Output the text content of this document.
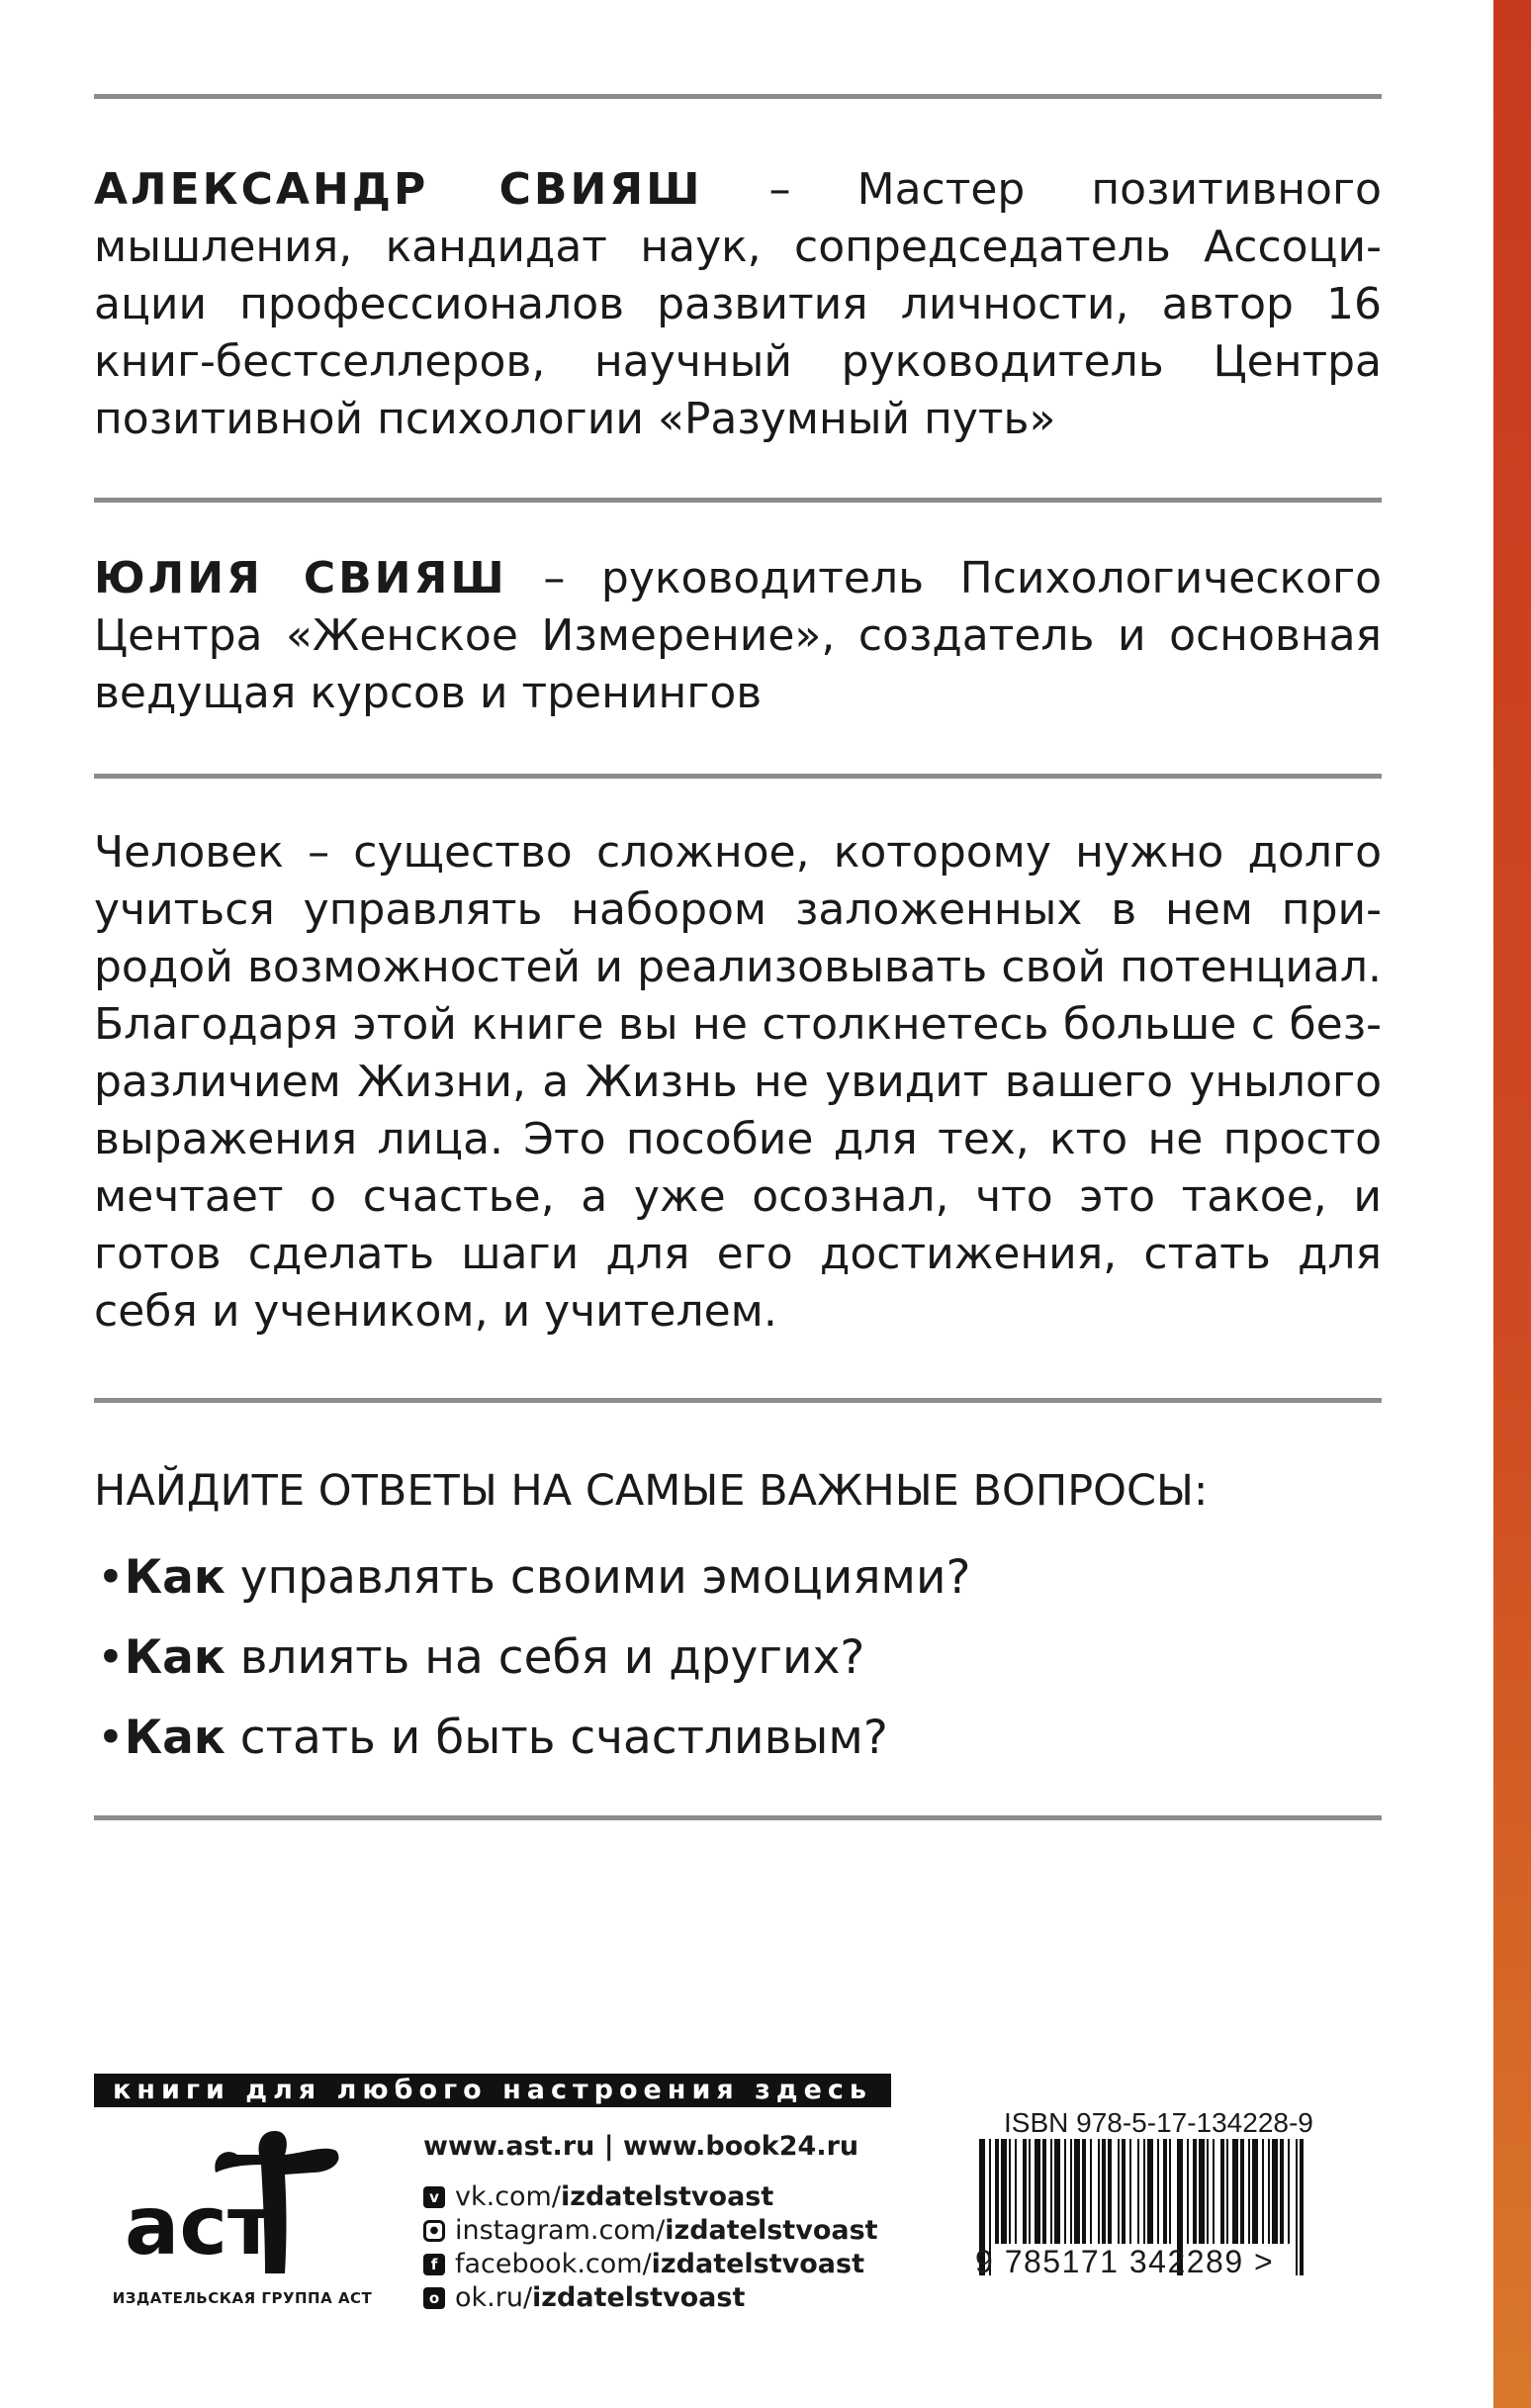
АЛЕКСАНДР СВИЯШ – Мастер позитивного мышления, кандидат наук, сопредседатель Ассоциации профессионалов развития личности, автор 16 книг-бестселлеров, научный руководитель Центра позитивной психологии «Разумный путь»
ЮЛИЯ СВИЯШ – руководитель Психологического Центра «Женское Измерение», создатель и основная ведущая курсов и тренингов
Человек – существо сложное, которому нужно долго учиться управлять набором заложенных в нем природой возможностей и реализовывать свой потенциал. Благодаря этой книге вы не столкнетесь больше с безразличием Жизни, а Жизнь не увидит вашего унылого выражения лица. Это пособие для тех, кто не просто мечтает о счастье, а уже осознал, что это такое, и готов сделать шаги для его достижения, стать для себя и учеником, и учителем.
НАЙДИТЕ ОТВЕТЫ НА САМЫЕ ВАЖНЫЕ ВОПРОСЫ:
•Как управлять своими эмоциями?
•Как влиять на себя и других?
•Как стать и быть счастливым?
книги для любого настроения здесь
аст
ИЗДАТЕЛЬСКАЯ ГРУППА АСТ
www.ast.ru | www.book24.ru
v vk.com/ izdatelstvoast
● instagram.com/ izdatelstvoast
f facebook.com/ izdatelstvoast
o ok.ru/ izdatelstvoast
ISBN 978-5-17-134228-9
9 785171 342289 >
